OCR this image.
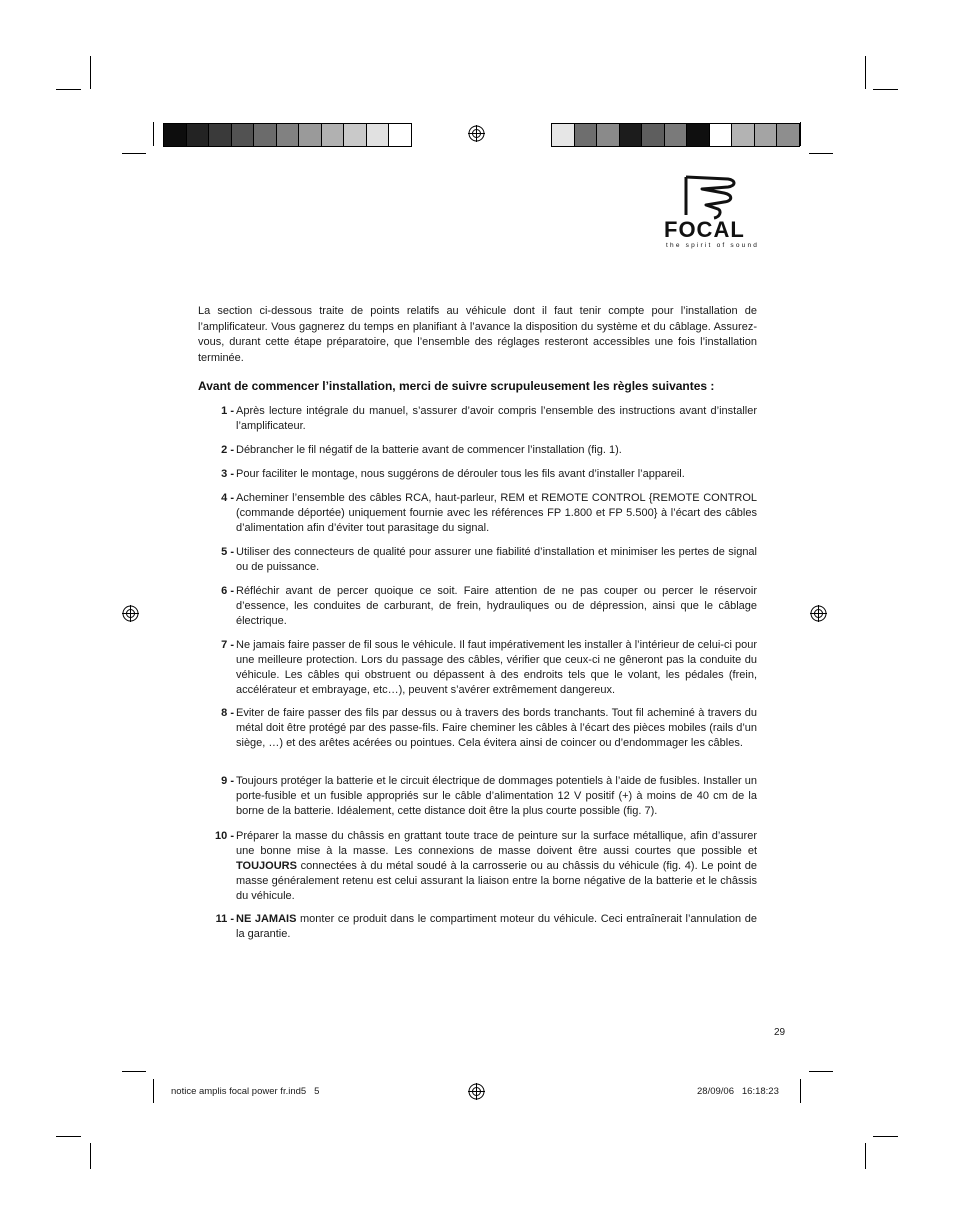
FOCAL
the spirit of sound

La section ci-dessous traite de points relatifs au véhicule dont il faut tenir compte pour l’installation de l’amplificateur. Vous gagnerez du temps en planifiant à l’avance la disposition du système et du câblage. Assurez-vous, durant cette étape préparatoire, que l’ensemble des réglages resteront accessibles une fois l’installation terminée.

Avant de commencer l’installation, merci de suivre scrupuleusement les règles suivantes :

1 - Après lecture intégrale du manuel, s’assurer d’avoir compris l’ensemble des instructions avant d’installer l’amplificateur.
2 - Débrancher le fil négatif de la batterie avant de commencer l’installation (fig. 1).
3 - Pour faciliter le montage, nous suggérons de dérouler tous les fils avant d’installer l’appareil.
4 - Acheminer l’ensemble des câbles RCA, haut-parleur, REM et REMOTE CONTROL {REMOTE CONTROL (commande déportée) uniquement fournie avec les références FP 1.800 et FP 5.500} à l’écart des câbles d’alimentation afin d’éviter tout parasitage du signal.
5 - Utiliser des connecteurs de qualité pour assurer une fiabilité d’installation et minimiser les pertes de signal ou de puissance.
6 - Réfléchir avant de percer quoique ce soit. Faire attention de ne pas couper ou percer le réservoir d’essence, les conduites de carburant, de frein, hydrauliques ou de dépression, ainsi que le câblage électrique.
7 - Ne jamais faire passer de fil sous le véhicule. Il faut impérativement les installer à l’intérieur de celui-ci pour une meilleure protection. Lors du passage des câbles, vérifier que ceux-ci ne gêneront pas la conduite du véhicule. Les câbles qui obstruent ou dépassent à des endroits tels que le volant, les pédales (frein, accélérateur et embrayage, etc…), peuvent s’avérer extrêmement dangereux.
8 - Eviter de faire passer des fils par dessus ou à travers des bords tranchants. Tout fil acheminé à travers du métal doit être protégé par des passe-fils. Faire cheminer les câbles à l’écart des pièces mobiles (rails d’un siège, …) et des arêtes acérées ou pointues. Cela évitera ainsi de coincer ou d’endommager les câbles.
9 - Toujours protéger la batterie et le circuit électrique de dommages potentiels à l’aide de fusibles. Installer un porte-fusible et un fusible appropriés sur le câble d’alimentation 12 V positif (+) à moins de 40 cm de la borne de la batterie. Idéalement, cette distance doit être la plus courte possible (fig. 7).
10 - Préparer la masse du châssis en grattant toute trace de peinture sur la surface métallique, afin d’assurer une bonne mise à la masse. Les connexions de masse doivent être aussi courtes que possible et TOUJOURS connectées à du métal soudé à la carrosserie ou au châssis du véhicule (fig. 4). Le point de masse généralement retenu est celui assurant la liaison entre la borne négative de la batterie et le châssis du véhicule.
11 - NE JAMAIS monter ce produit dans le compartiment moteur du véhicule. Ceci entraînerait l’annulation de la garantie.
29
notice amplis focal power fr.ind5   5	28/09/06   16:18:23
